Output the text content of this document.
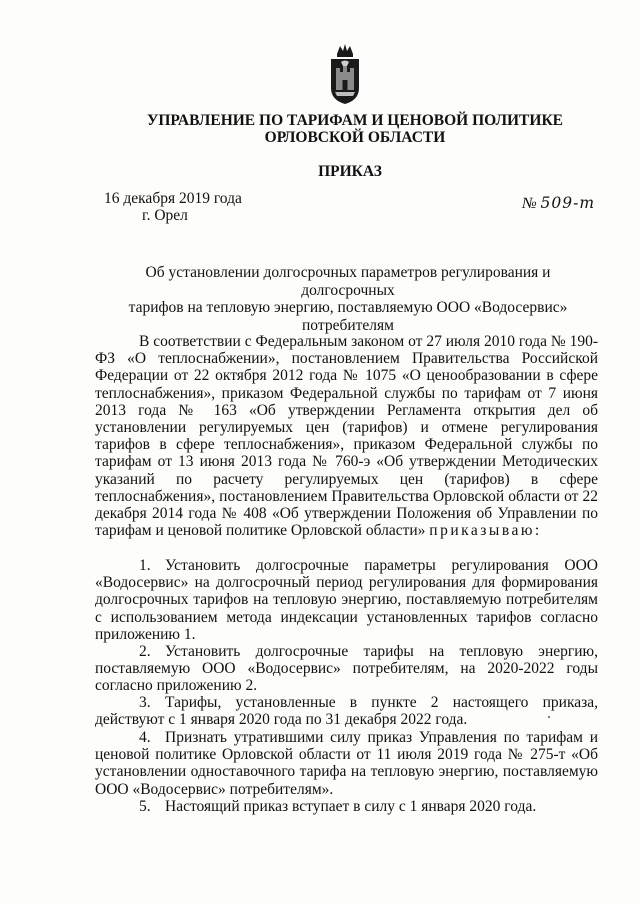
УПРАВЛЕНИЕ ПО ТАРИФАМ И ЦЕНОВОЙ ПОЛИТИКЕ
ОРЛОВСКОЙ ОБЛАСТИ

ПРИКАЗ

16 декабря 2019 года
г. Орел
№ 509-т

Об установлении долгосрочных параметров регулирования и долгосрочных
тарифов на тепловую энергию, поставляемую ООО «Водосервис»
потребителям

В соответствии с Федеральным законом от 27 июля 2010 года № 190-ФЗ «О теплоснабжении», постановлением Правительства Российской Федерации от 22 октября 2012 года № 1075 «О ценообразовании в сфере теплоснабжения», приказом Федеральной службы по тарифам от 7 июня 2013 года № 163 «Об утверждении Регламента открытия дел об установлении регулируемых цен (тарифов) и отмене регулирования тарифов в сфере теплоснабжения», приказом Федеральной службы по тарифам от 13 июня 2013 года № 760-э «Об утверждении Методических указаний по расчету регулируемых цен (тарифов) в сфере теплоснабжения», постановлением Правительства Орловской области от 22 декабря 2014 года № 408 «Об утверждении Положения об Управлении по тарифам и ценовой политике Орловской области» приказываю:

1. Установить долгосрочные параметры регулирования ООО «Водосервис» на долгосрочный период регулирования для формирования долгосрочных тарифов на тепловую энергию, поставляемую потребителям с использованием метода индексации установленных тарифов согласно приложению 1.

2. Установить долгосрочные тарифы на тепловую энергию, поставляемую ООО «Водосервис» потребителям, на 2020-2022 годы согласно приложению 2.

3. Тарифы, установленные в пункте 2 настоящего приказа, действуют с 1 января 2020 года по 31 декабря 2022 года.

4. Признать утратившими силу приказ Управления по тарифам и ценовой политике Орловской области от 11 июля 2019 года № 275-т «Об установлении одноставочного тарифа на тепловую энергию, поставляемую ООО «Водосервис» потребителям».

5. Настоящий приказ вступает в силу с 1 января 2020 года.
